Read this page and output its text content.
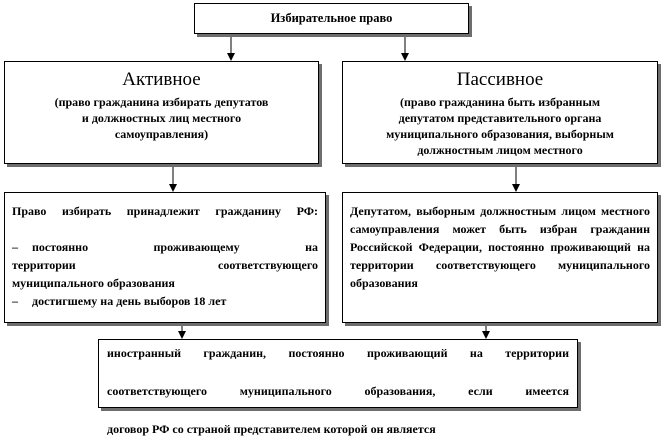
Избирательное право
Активное
(право гражданина избирать депутатов
и должностных лиц местного
самоуправления)
Пассивное
(право гражданина быть избранным
депутатом представительного органа
муниципального образования, выборным
должностным лицом местного
Право избирать принадлежит гражданину РФ:
– постоянно	проживающему	на
территории	соответствующего
муниципального образования
–	достигшему на день выборов 18 лет
Депутатом, выборным должностным лицом местного самоуправления может быть избран гражданин Российской Федерации, постоянно проживающий на территории соответствующего муниципального образования
иностранный гражданин, постоянно проживающий на территории
соответствующего муниципального образования, если имеется
договор РФ со страной представителем которой он является
